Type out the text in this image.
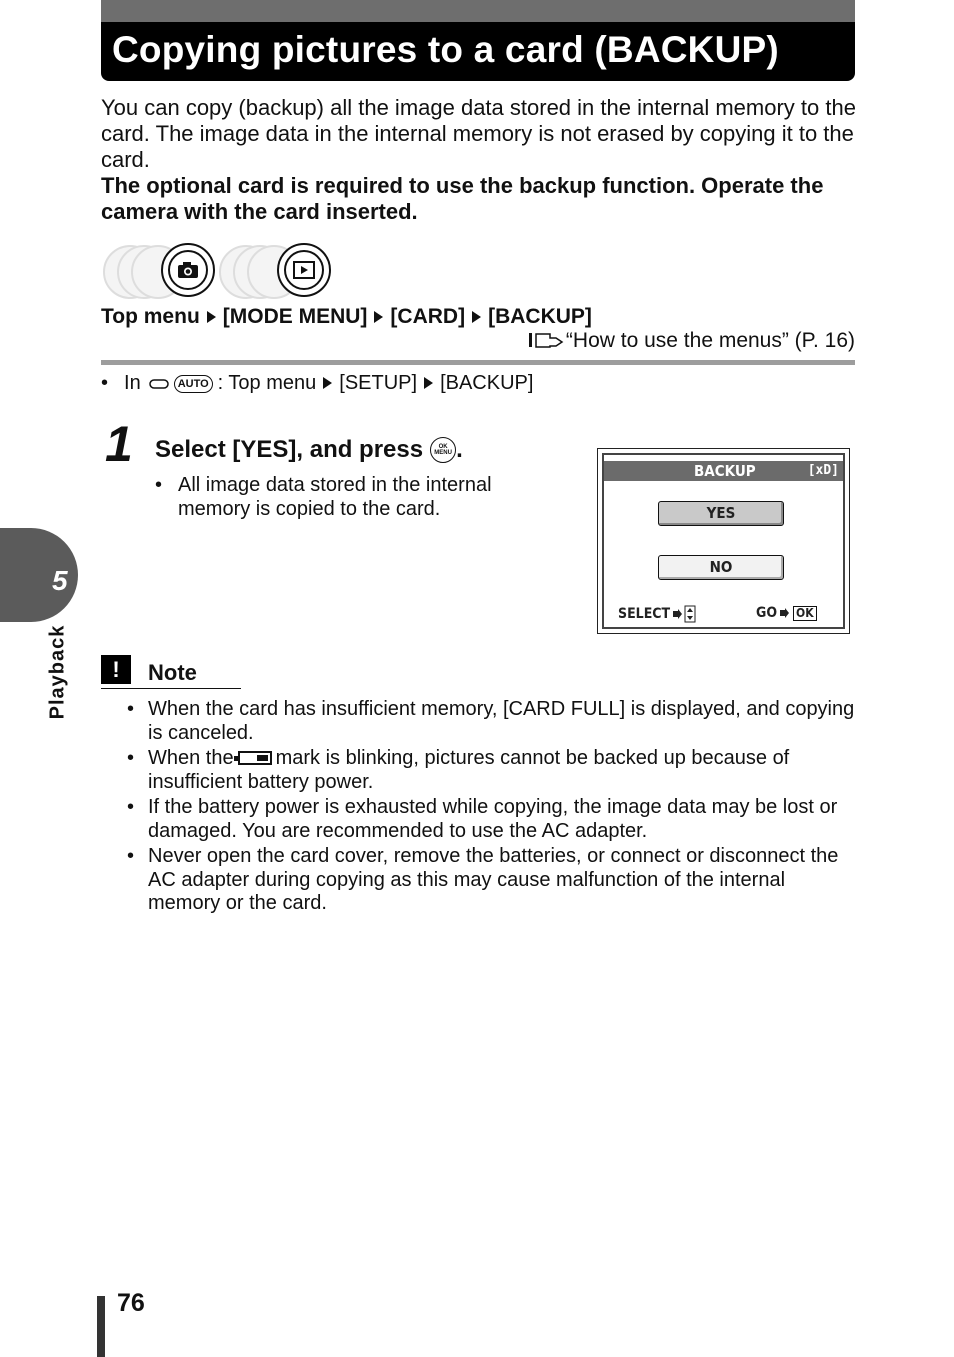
Copying pictures to a card (BACKUP)

You can copy (backup) all the image data stored in the internal memory to the card. The image data in the internal memory is not erased by copying it to the card.

The optional card is required to use the backup function. Operate the camera with the card inserted.

Top menu [MODE MENU] [CARD] [BACKUP]
“How to use the menus” (P. 16)
• In	AUTO : Top menu [SETUP] [BACKUP]
1 Select [YES], and press	OK
MENU .
• All image data stored in the internal memory is copied to the card.
BACKUP	[xD]
YES
NO
SELECT	GO OK
!	Note
• When the card has insufficient memory, [CARD FULL] is displayed, and copying is canceled.
• When the mark is blinking, pictures cannot be backed up because of insufficient battery power.
• If the battery power is exhausted while copying, the image data may be lost or damaged. You are recommended to use the AC adapter.
• Never open the card cover, remove the batteries, or connect or disconnect the AC adapter during copying as this may cause malfunction of the internal memory or the card.
5
Playback
76
